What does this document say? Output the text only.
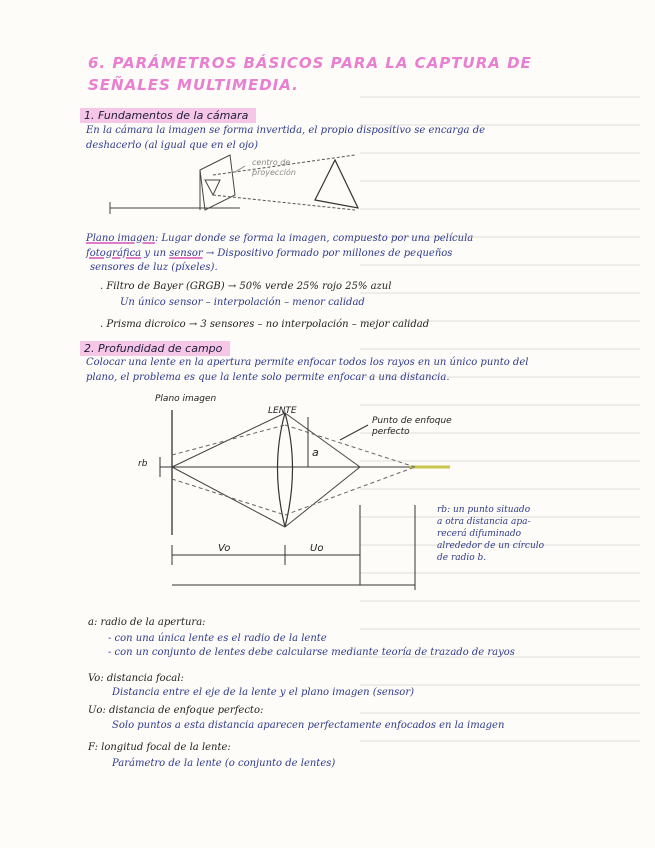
6. PARÁMETROS BÁSICOS PARA LA CAPTURA DE SEÑALES MULTIMEDIA.
1. Fundamentos de la cámara
En la cámara la imagen se forma invertida, el propio dispositivo se encarga de
deshacerlo (al igual que en el ojo)
centro de proyección
Plano imagen: Lugar donde se forma la imagen, compuesto por una película
fotográfica y un sensor → Dispositivo formado por millones de pequeños
sensores de luz (píxeles).
. Filtro de Bayer (GRGB) → 50% verde 25% rojo 25% azul
Un único sensor – interpolación – menor calidad
. Prisma dicroico → 3 sensores – no interpolación – mejor calidad
2. Profundidad de campo
Colocar una lente en la apertura permite enfocar todos los rayos en un único punto del
plano, el problema es que la lente solo permite enfocar a una distancia.
Plano imagen
LENTE
Punto de enfoque perfecto
a
rb
Vo	Uo
rb: un punto situado
a otra distancia apa-
recerá difuminado
alrededor de un círculo
de radio b.
a: radio de la apertura:
- con una única lente es el radio de la lente
- con un conjunto de lentes debe calcularse mediante teoría de trazado de rayos
Vo: distancia focal:
Distancia entre el eje de la lente y el plano imagen (sensor)
Uo: distancia de enfoque perfecto:
Solo puntos a esta distancia aparecen perfectamente enfocados en la imagen
F: longitud focal de la lente:
Parámetro de la lente (o conjunto de lentes)
